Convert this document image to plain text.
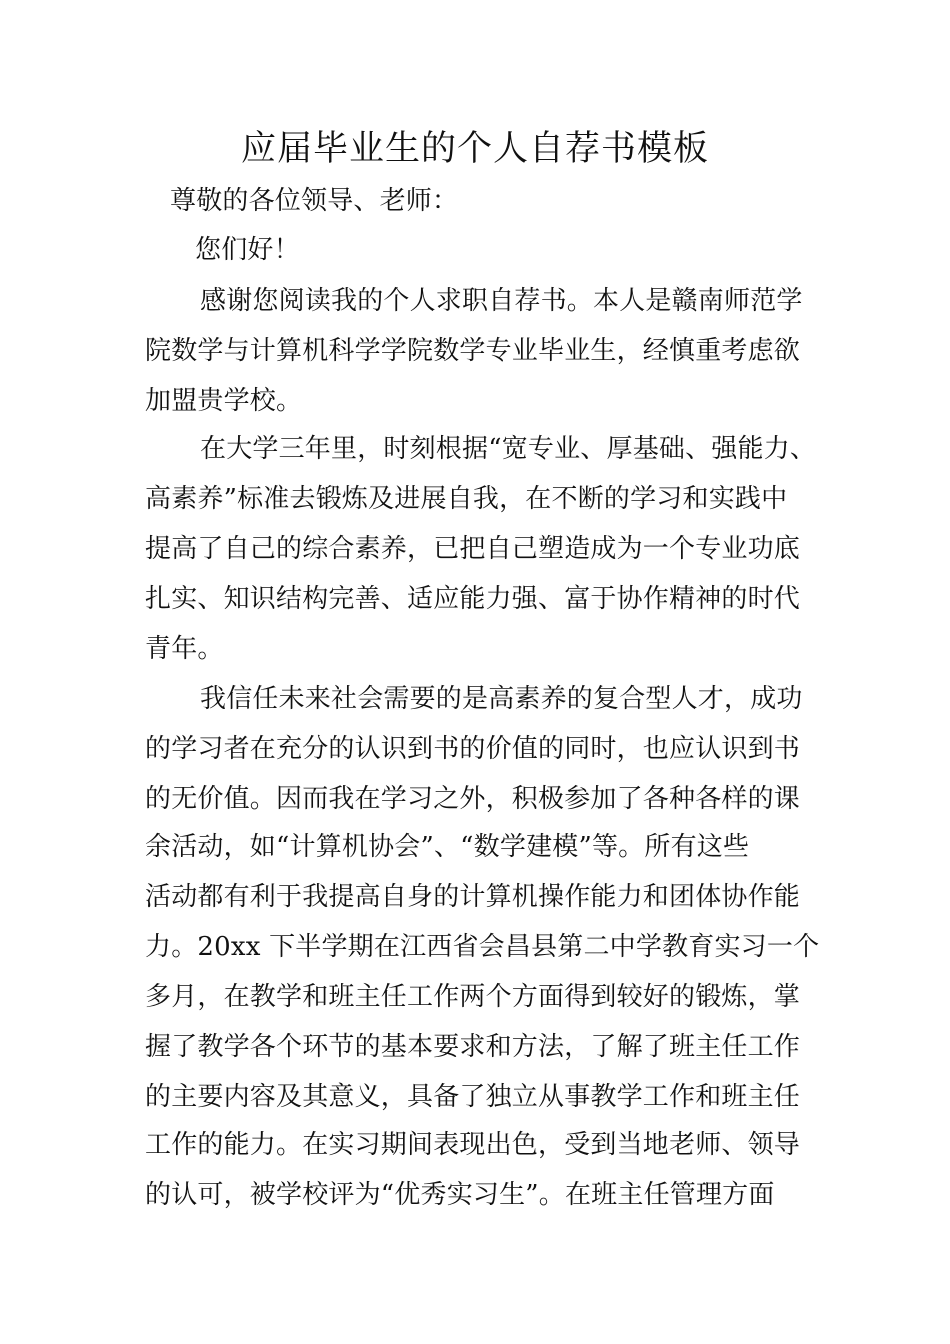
应届毕业生的个人自荐书模板
尊敬的各位领导、老师：
您们好！
感谢您阅读我的个人求职自荐书。本人是赣南师范学
院数学与计算机科学学院数学专业毕业生，经慎重考虑欲
加盟贵学校。
在大学三年里，时刻根据“宽专业、厚基础、强能力、
高素养”标准去锻炼及进展自我，在不断的学习和实践中
提高了自己的综合素养，已把自己塑造成为一个专业功底
扎实、知识结构完善、适应能力强、富于协作精神的时代
青年。
我信任未来社会需要的是高素养的复合型人才，成功
的学习者在充分的认识到书的价值的同时，也应认识到书
的无价值。因而我在学习之外，积极参加了各种各样的课
余活动，如“计算机协会”、“数学建模”等。所有这些
活动都有利于我提高自身的计算机操作能力和团体协作能
力。20xx 下半学期在江西省会昌县第二中学教育实习一个
多月，在教学和班主任工作两个方面得到较好的锻炼，掌
握了教学各个环节的基本要求和方法，了解了班主任工作
的主要内容及其意义，具备了独立从事教学工作和班主任
工作的能力。在实习期间表现出色，受到当地老师、领导
的认可，被学校评为“优秀实习生”。在班主任管理方面
